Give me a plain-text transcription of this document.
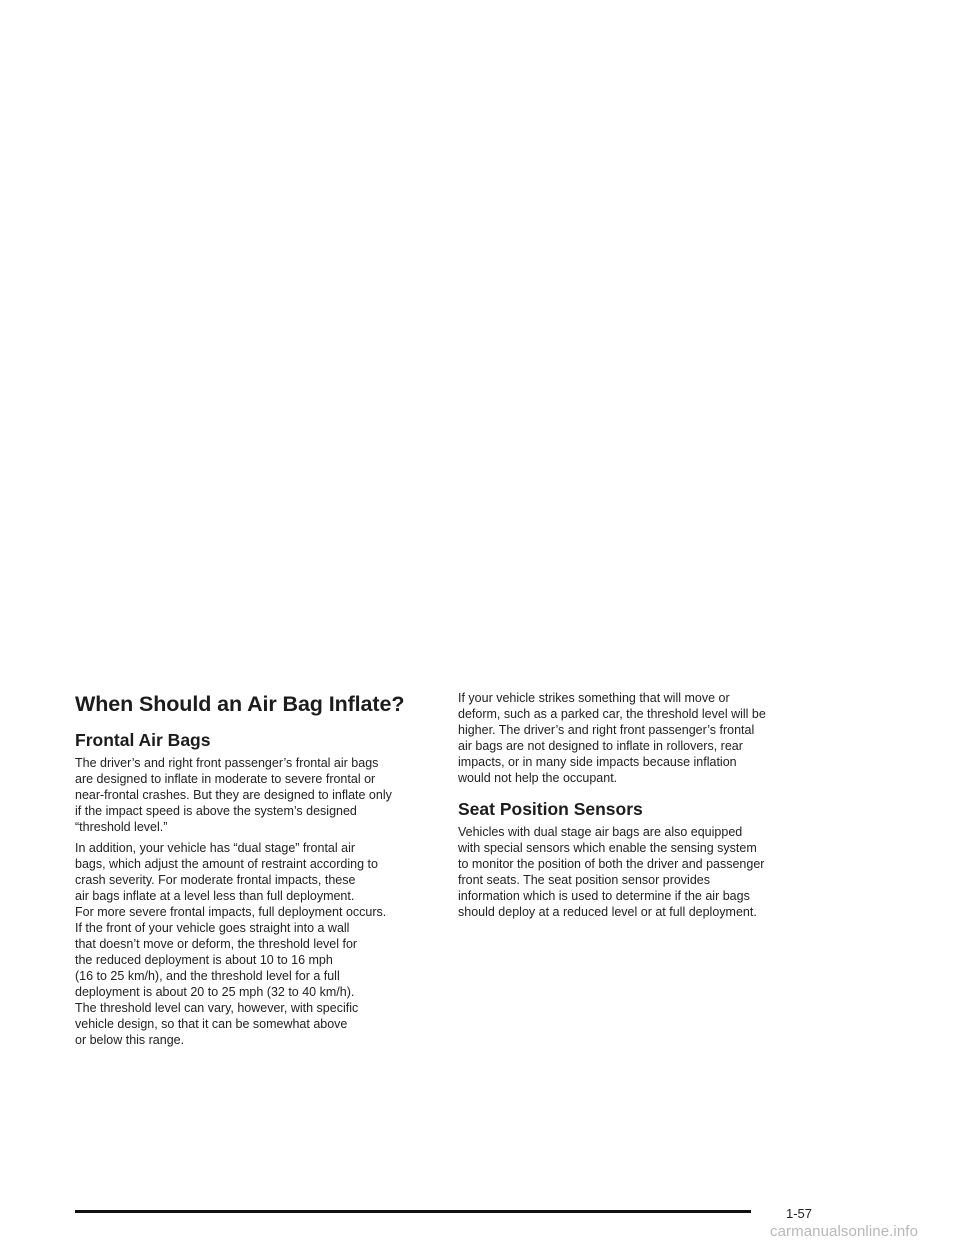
When Should an Air Bag Inflate?
Frontal Air Bags

The driver’s and right front passenger’s frontal air bags
are designed to inflate in moderate to severe frontal or
near-frontal crashes. But they are designed to inflate only
if the impact speed is above the system’s designed
“threshold level.”

In addition, your vehicle has “dual stage” frontal air
bags, which adjust the amount of restraint according to
crash severity. For moderate frontal impacts, these
air bags inflate at a level less than full deployment.
For more severe frontal impacts, full deployment occurs.
If the front of your vehicle goes straight into a wall
that doesn’t move or deform, the threshold level for
the reduced deployment is about 10 to 16 mph
(16 to 25 km/h), and the threshold level for a full
deployment is about 20 to 25 mph (32 to 40 km/h).
The threshold level can vary, however, with specific
vehicle design, so that it can be somewhat above
or below this range.

If your vehicle strikes something that will move or
deform, such as a parked car, the threshold level will be
higher. The driver’s and right front passenger’s frontal
air bags are not designed to inflate in rollovers, rear
impacts, or in many side impacts because inflation
would not help the occupant.

Seat Position Sensors

Vehicles with dual stage air bags are also equipped
with special sensors which enable the sensing system
to monitor the position of both the driver and passenger
front seats. The seat position sensor provides
information which is used to determine if the air bags
should deploy at a reduced level or at full deployment.

1-57
carmanualsonline.info
